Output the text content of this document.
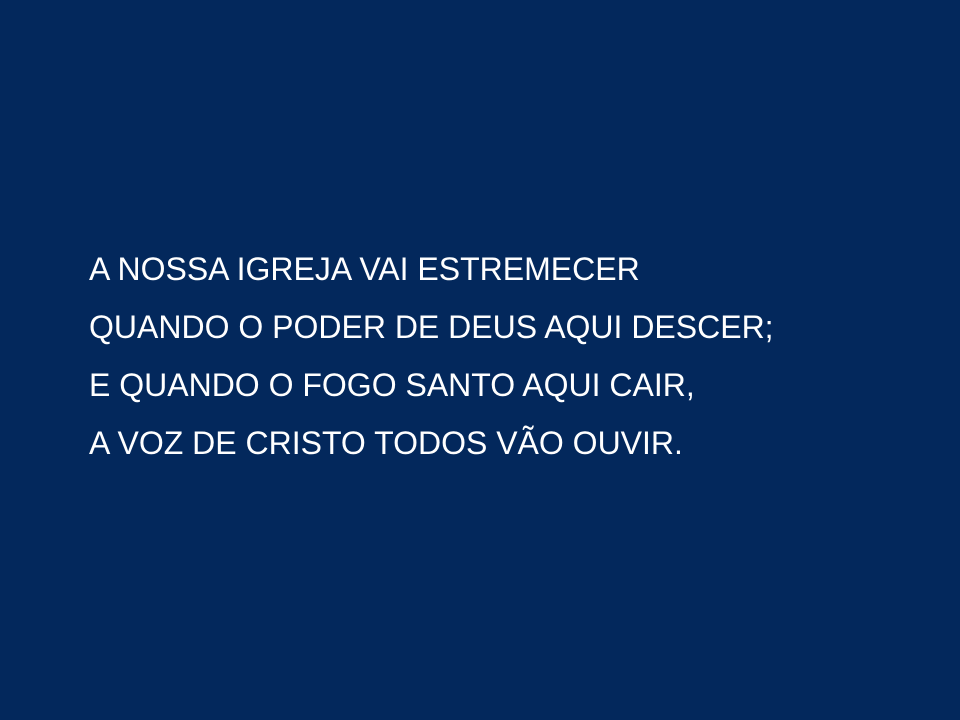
A NOSSA IGREJA VAI ESTREMECER
QUANDO O PODER DE DEUS AQUI DESCER;
E QUANDO O FOGO SANTO AQUI CAIR,
A VOZ DE CRISTO TODOS VÃO OUVIR.
